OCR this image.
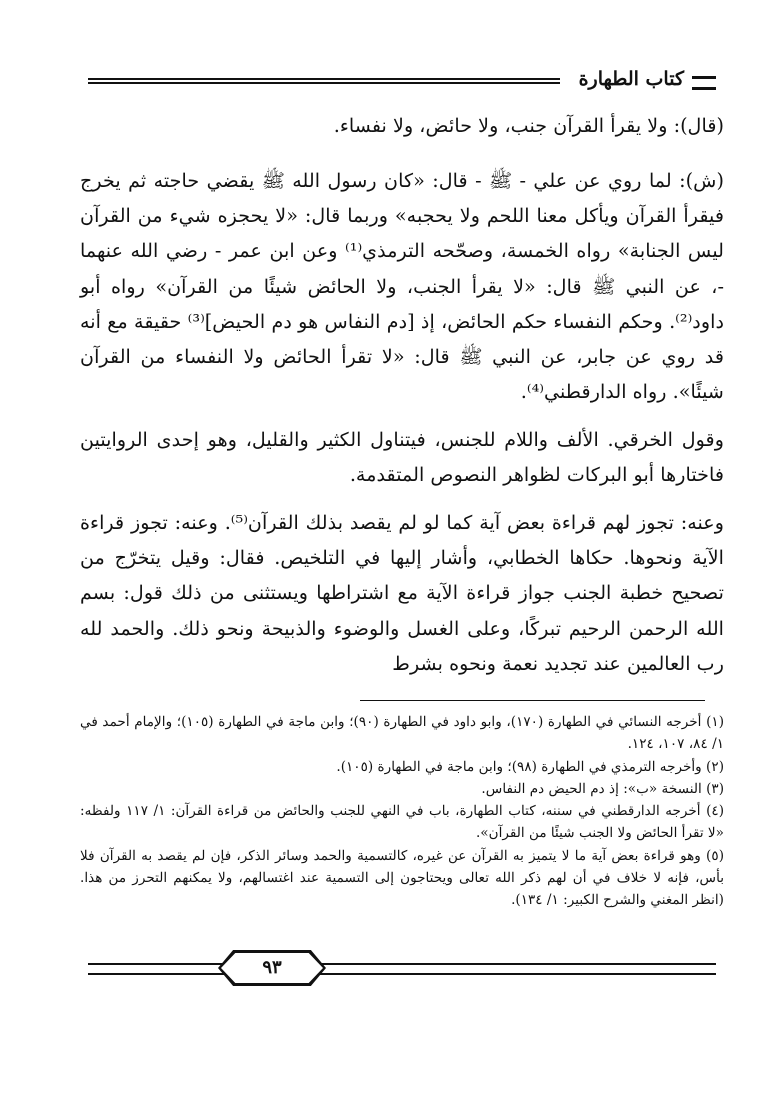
كتاب الطهارة
(قال): ولا يقرأ القرآن جنب، ولا حائض، ولا نفساء.
(ش): لما روي عن علي - ﷺ - قال: «كان رسول الله ﷺ يقضي حاجته ثم يخرج فيقرأ القرآن ويأكل معنا اللحم ولا يحجبه» وربما قال: «لا يحجزه شيء من القرآن ليس الجنابة» رواه الخمسة، وصحّحه الترمذي⁽¹⁾ وعن ابن عمر - رضي الله عنهما -، عن النبي ﷺ قال: «لا يقرأ الجنب، ولا الحائض شيئًا من القرآن» رواه أبو داود⁽²⁾. وحكم النفساء حكم الحائض، إذ [دم النفاس هو دم الحيض]⁽³⁾ حقيقة مع أنه قد روي عن جابر، عن النبي ﷺ قال: «لا تقرأ الحائض ولا النفساء من القرآن شيئًا». رواه الدارقطني⁽⁴⁾.
وقول الخرقي. الألف واللام للجنس، فيتناول الكثير والقليل، وهو إحدى الروايتين فاختارها أبو البركات لظواهر النصوص المتقدمة.
وعنه: تجوز لهم قراءة بعض آية كما لو لم يقصد بذلك القرآن⁽⁵⁾. وعنه: تجوز قراءة الآية ونحوها. حكاها الخطابي، وأشار إليها في التلخيص. فقال: وقيل يتخرّج من تصحيح خطبة الجنب جواز قراءة الآية مع اشتراطها ويستثنى من ذلك قول: بسم الله الرحمن الرحيم تبركًا، وعلى الغسل والوضوء والذبيحة ونحو ذلك. والحمد لله رب العالمين عند تجديد نعمة ونحوه بشرط

(١) أخرجه النسائي في الطهارة (١٧٠)، وابو داود في الطهارة (٩٠)؛ وابن ماجة في الطهارة (١٠٥)؛ والإمام أحمد في ١/ ٨٤، ١٠٧، ١٢٤.

(٢) وأخرجه الترمذي في الطهارة (٩٨)؛ وابن ماجة في الطهارة (١٠٥).

(٣) النسخة «ب»: إذ دم الحيض دم النفاس.

(٤) أخرجه الدارقطني في سننه، كتاب الطهارة، باب في النهي للجنب والحائض من قراءة القرآن: ١/ ١١٧ ولفظه: «لا تقرأ الحائض ولا الجنب شيئًا من القرآن».

(٥) وهو قراءة بعض آية ما لا يتميز به القرآن عن غيره، كالتسمية والحمد وسائر الذكر، فإن لم يقصد به القرآن فلا بأس، فإنه لا خلاف في أن لهم ذكر الله تعالى ويحتاجون إلى التسمية عند اغتسالهم، ولا يمكنهم التحرز من هذا. (انظر المغني والشرح الكبير: ١/ ١٣٤).

٩٣
